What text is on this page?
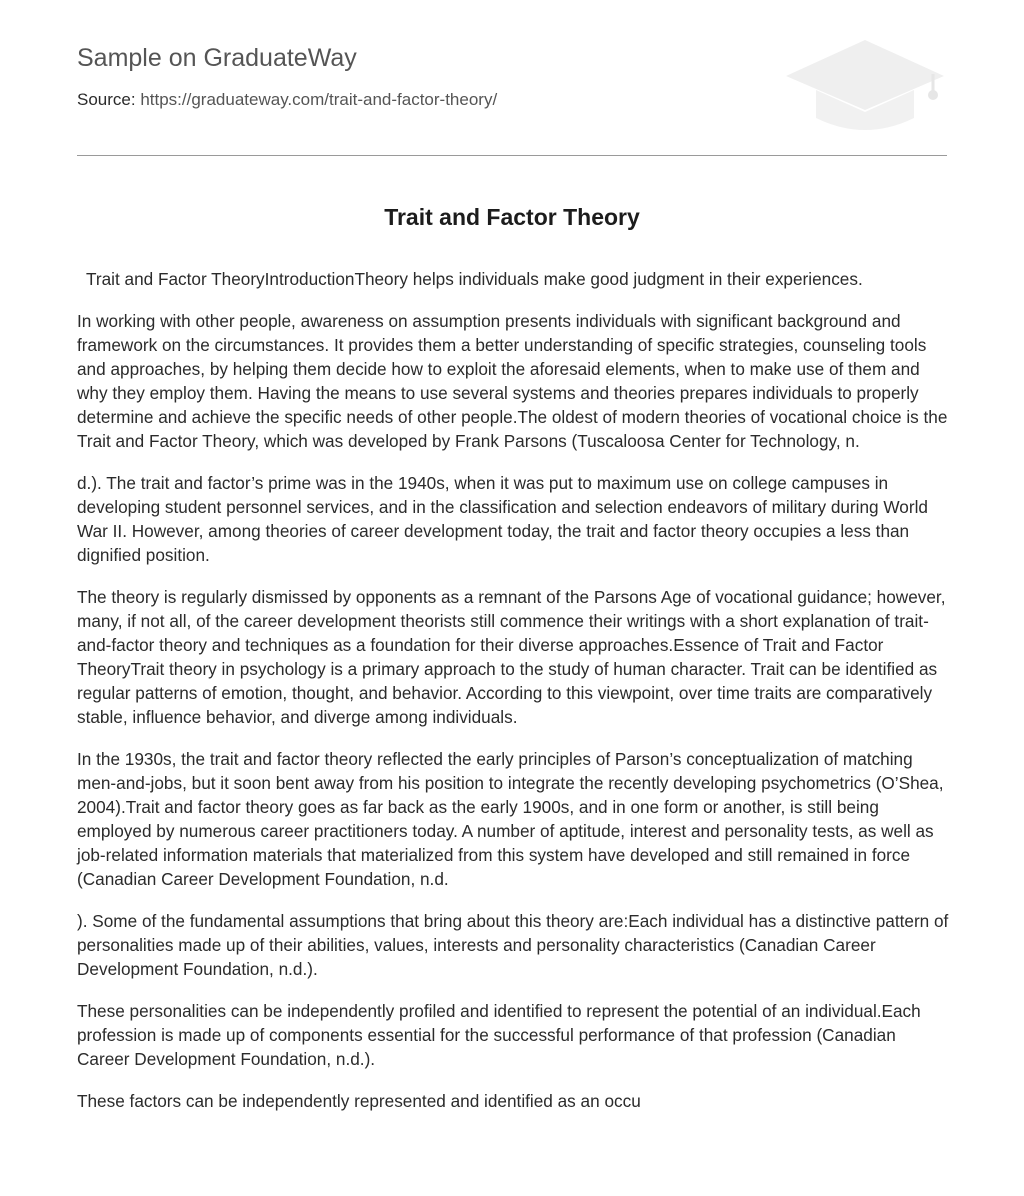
Sample on GraduateWay
Source: https://graduateway.com/trait-and-factor-theory/
Trait and Factor Theory

Trait and Factor TheoryIntroductionTheory helps individuals make good judgment in their experiences.

In working with other people, awareness on assumption presents individuals with significant background and framework on the circumstances. It provides them a better understanding of specific strategies, counseling tools and approaches, by helping them decide how to exploit the aforesaid elements, when to make use of them and why they employ them. Having the means to use several systems and theories prepares individuals to properly determine and achieve the specific needs of other people.The oldest of modern theories of vocational choice is the Trait and Factor Theory, which was developed by Frank Parsons (Tuscaloosa Center for Technology, n.

d.). The trait and factor’s prime was in the 1940s, when it was put to maximum use on college campuses in developing student personnel services, and in the classification and selection endeavors of military during World War II. However, among theories of career development today, the trait and factor theory occupies a less than dignified position.

The theory is regularly dismissed by opponents as a remnant of the Parsons Age of vocational guidance; however, many, if not all, of the career development theorists still commence their writings with a short explanation of trait-and-factor theory and techniques as a foundation for their diverse approaches.Essence of Trait and Factor TheoryTrait theory in psychology is a primary approach to the study of human character. Trait can be identified as regular patterns of emotion, thought, and behavior. According to this viewpoint, over time traits are comparatively stable, influence behavior, and diverge among individuals.

In the 1930s, the trait and factor theory reflected the early principles of Parson’s conceptualization of matching men-and-jobs, but it soon bent away from his position to integrate the recently developing psychometrics (O’Shea, 2004).Trait and factor theory goes as far back as the early 1900s, and in one form or another, is still being employed by numerous career practitioners today. A number of aptitude, interest and personality tests, as well as job-related information materials that materialized from this system have developed and still remained in force (Canadian Career Development Foundation, n.d.

). Some of the fundamental assumptions that bring about this theory are:Each individual has a distinctive pattern of personalities made up of their abilities, values, interests and personality characteristics (Canadian Career Development Foundation, n.d.).

These personalities can be independently profiled and identified to represent the potential of an individual.Each profession is made up of components essential for the successful performance of that profession (Canadian Career Development Foundation, n.d.).

These factors can be independently represented and identified as an occu
